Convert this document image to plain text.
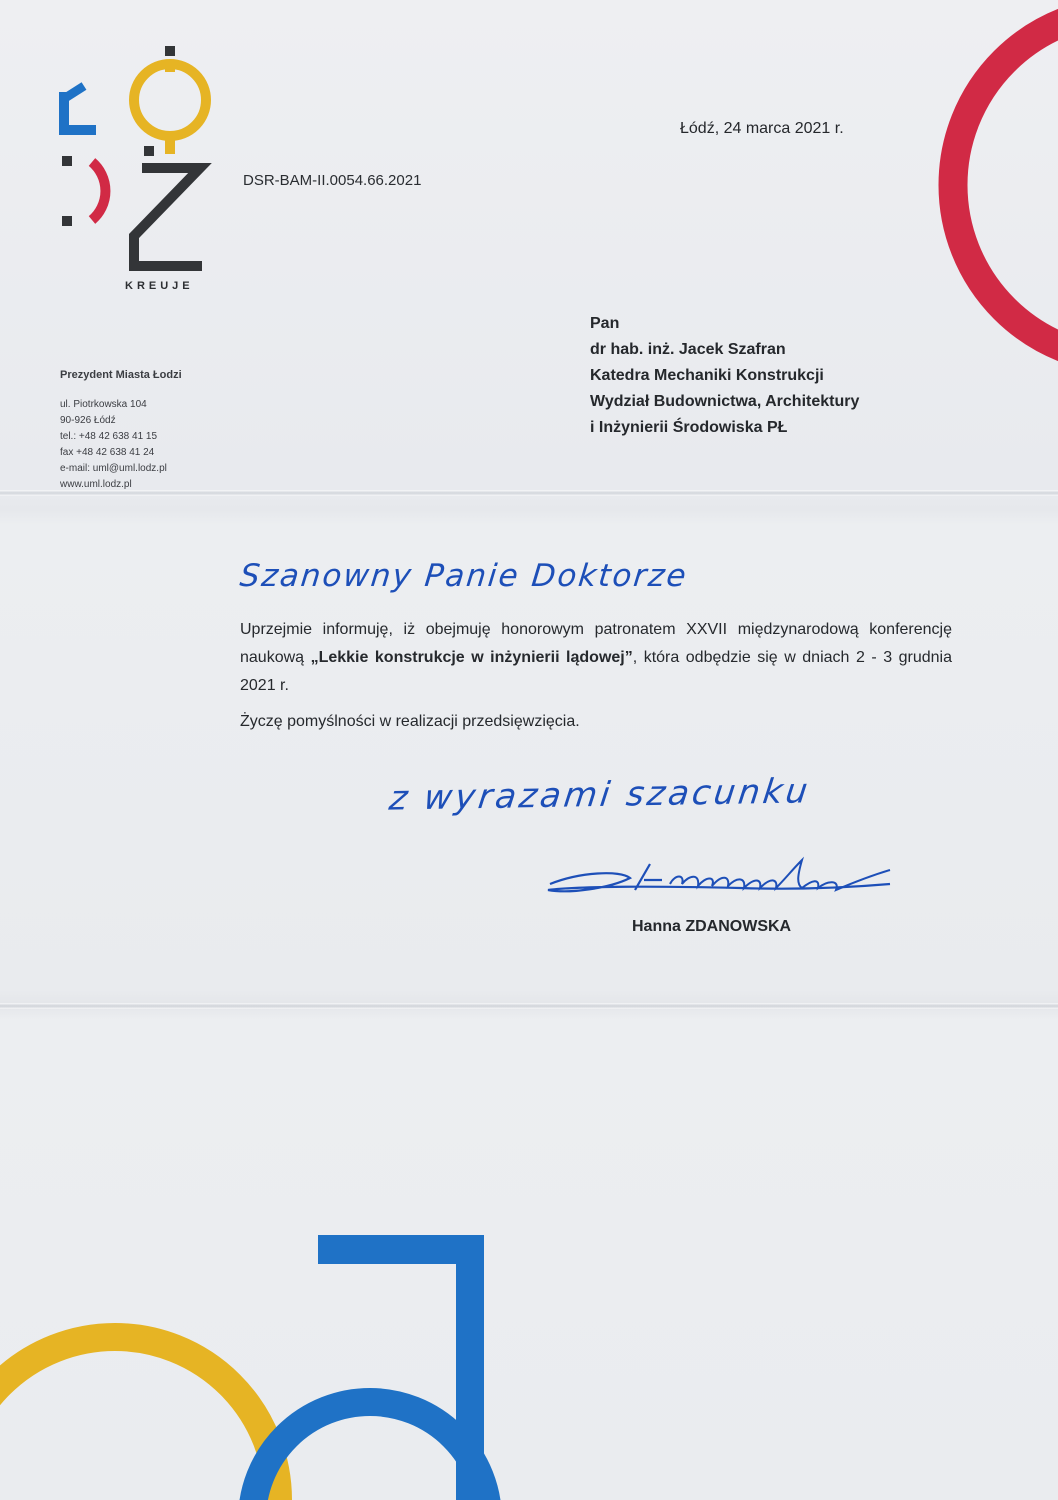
KREUJE
DSR-BAM-II.0054.66.2021
Łódź, 24 marca 2021 r.
Prezydent Miasta Łodzi
ul. Piotrkowska 104
90-926 Łódź
tel.: +48 42 638 41 15
fax +48 42 638 41 24
e-mail: uml@uml.lodz.pl
www.uml.lodz.pl
Pan
dr hab. inż. Jacek Szafran
Katedra Mechaniki Konstrukcji
Wydział Budownictwa, Architektury
i Inżynierii Środowiska PŁ
Szanowny Panie Doktorze
Uprzejmie informuję, iż obejmuję honorowym patronatem XXVII międzynarodową konferencję naukową „Lekkie konstrukcje w inżynierii lądowej”, która odbędzie się w dniach 2 - 3 grudnia 2021 r.
Życzę pomyślności w realizacji przedsięwzięcia.
z wyrazami szacunku
Hanna ZDANOWSKA
